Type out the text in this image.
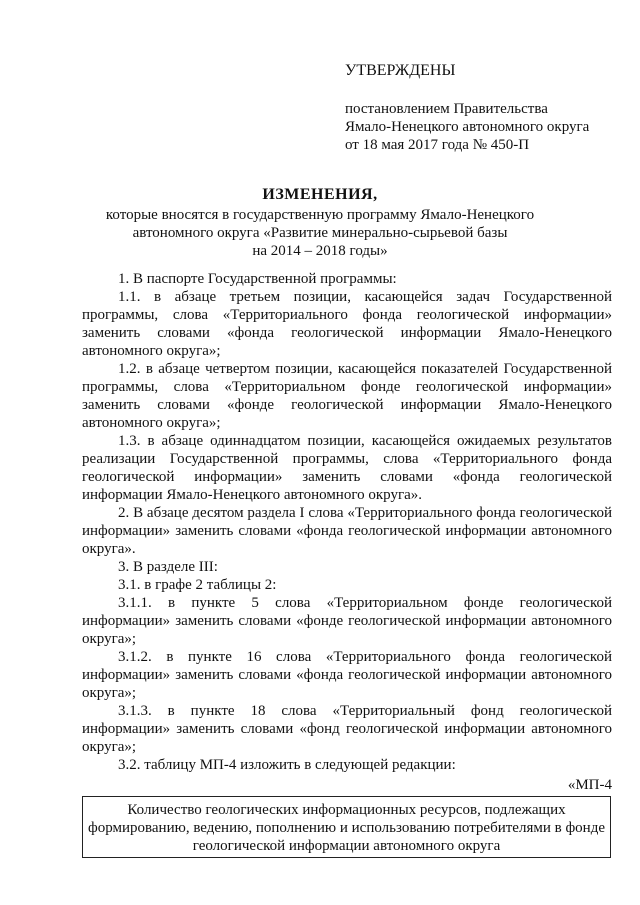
УТВЕРЖДЕНЫ
постановлением Правительства
Ямало-Ненецкого автономного округа
от 18 мая 2017 года № 450-П
ИЗМЕНЕНИЯ,
которые вносятся в государственную программу Ямало-Ненецкого
автономного округа «Развитие минерально-сырьевой базы
на 2014 – 2018 годы»

1. В паспорте Государственной программы:

1.1. в абзаце третьем позиции, касающейся задач Государственной программы, слова «Территориального фонда геологической информации» заменить словами «фонда геологической информации Ямало-Ненецкого автономного округа»;

1.2. в абзаце четвертом позиции, касающейся показателей Государственной программы, слова «Территориальном фонде геологической информации» заменить словами «фонде геологической информации Ямало-Ненецкого автономного округа»;

1.3. в абзаце одиннадцатом позиции, касающейся ожидаемых результатов реализации Государственной программы, слова «Территориального фонда геологической информации» заменить словами «фонда геологической информации Ямало-Ненецкого автономного округа».

2. В абзаце десятом раздела I слова «Территориального фонда геологической информации» заменить словами «фонда геологической информации автономного округа».

3. В разделе III:

3.1. в графе 2 таблицы 2:

3.1.1. в пункте 5 слова «Территориальном фонде геологической информации» заменить словами «фонде геологической информации автономного округа»;

3.1.2. в пункте 16 слова «Территориального фонда геологической информации» заменить словами «фонда геологической информации автономного округа»;

3.1.3. в пункте 18 слова «Территориальный фонд геологической информации» заменить словами «фонд геологической информации автономного округа»;

3.2. таблицу МП-4 изложить в следующей редакции:

«МП-4
Количество геологических информационных ресурсов, подлежащих формированию, ведению, пополнению и использованию потребителями в фонде геологической информации автономного округа
